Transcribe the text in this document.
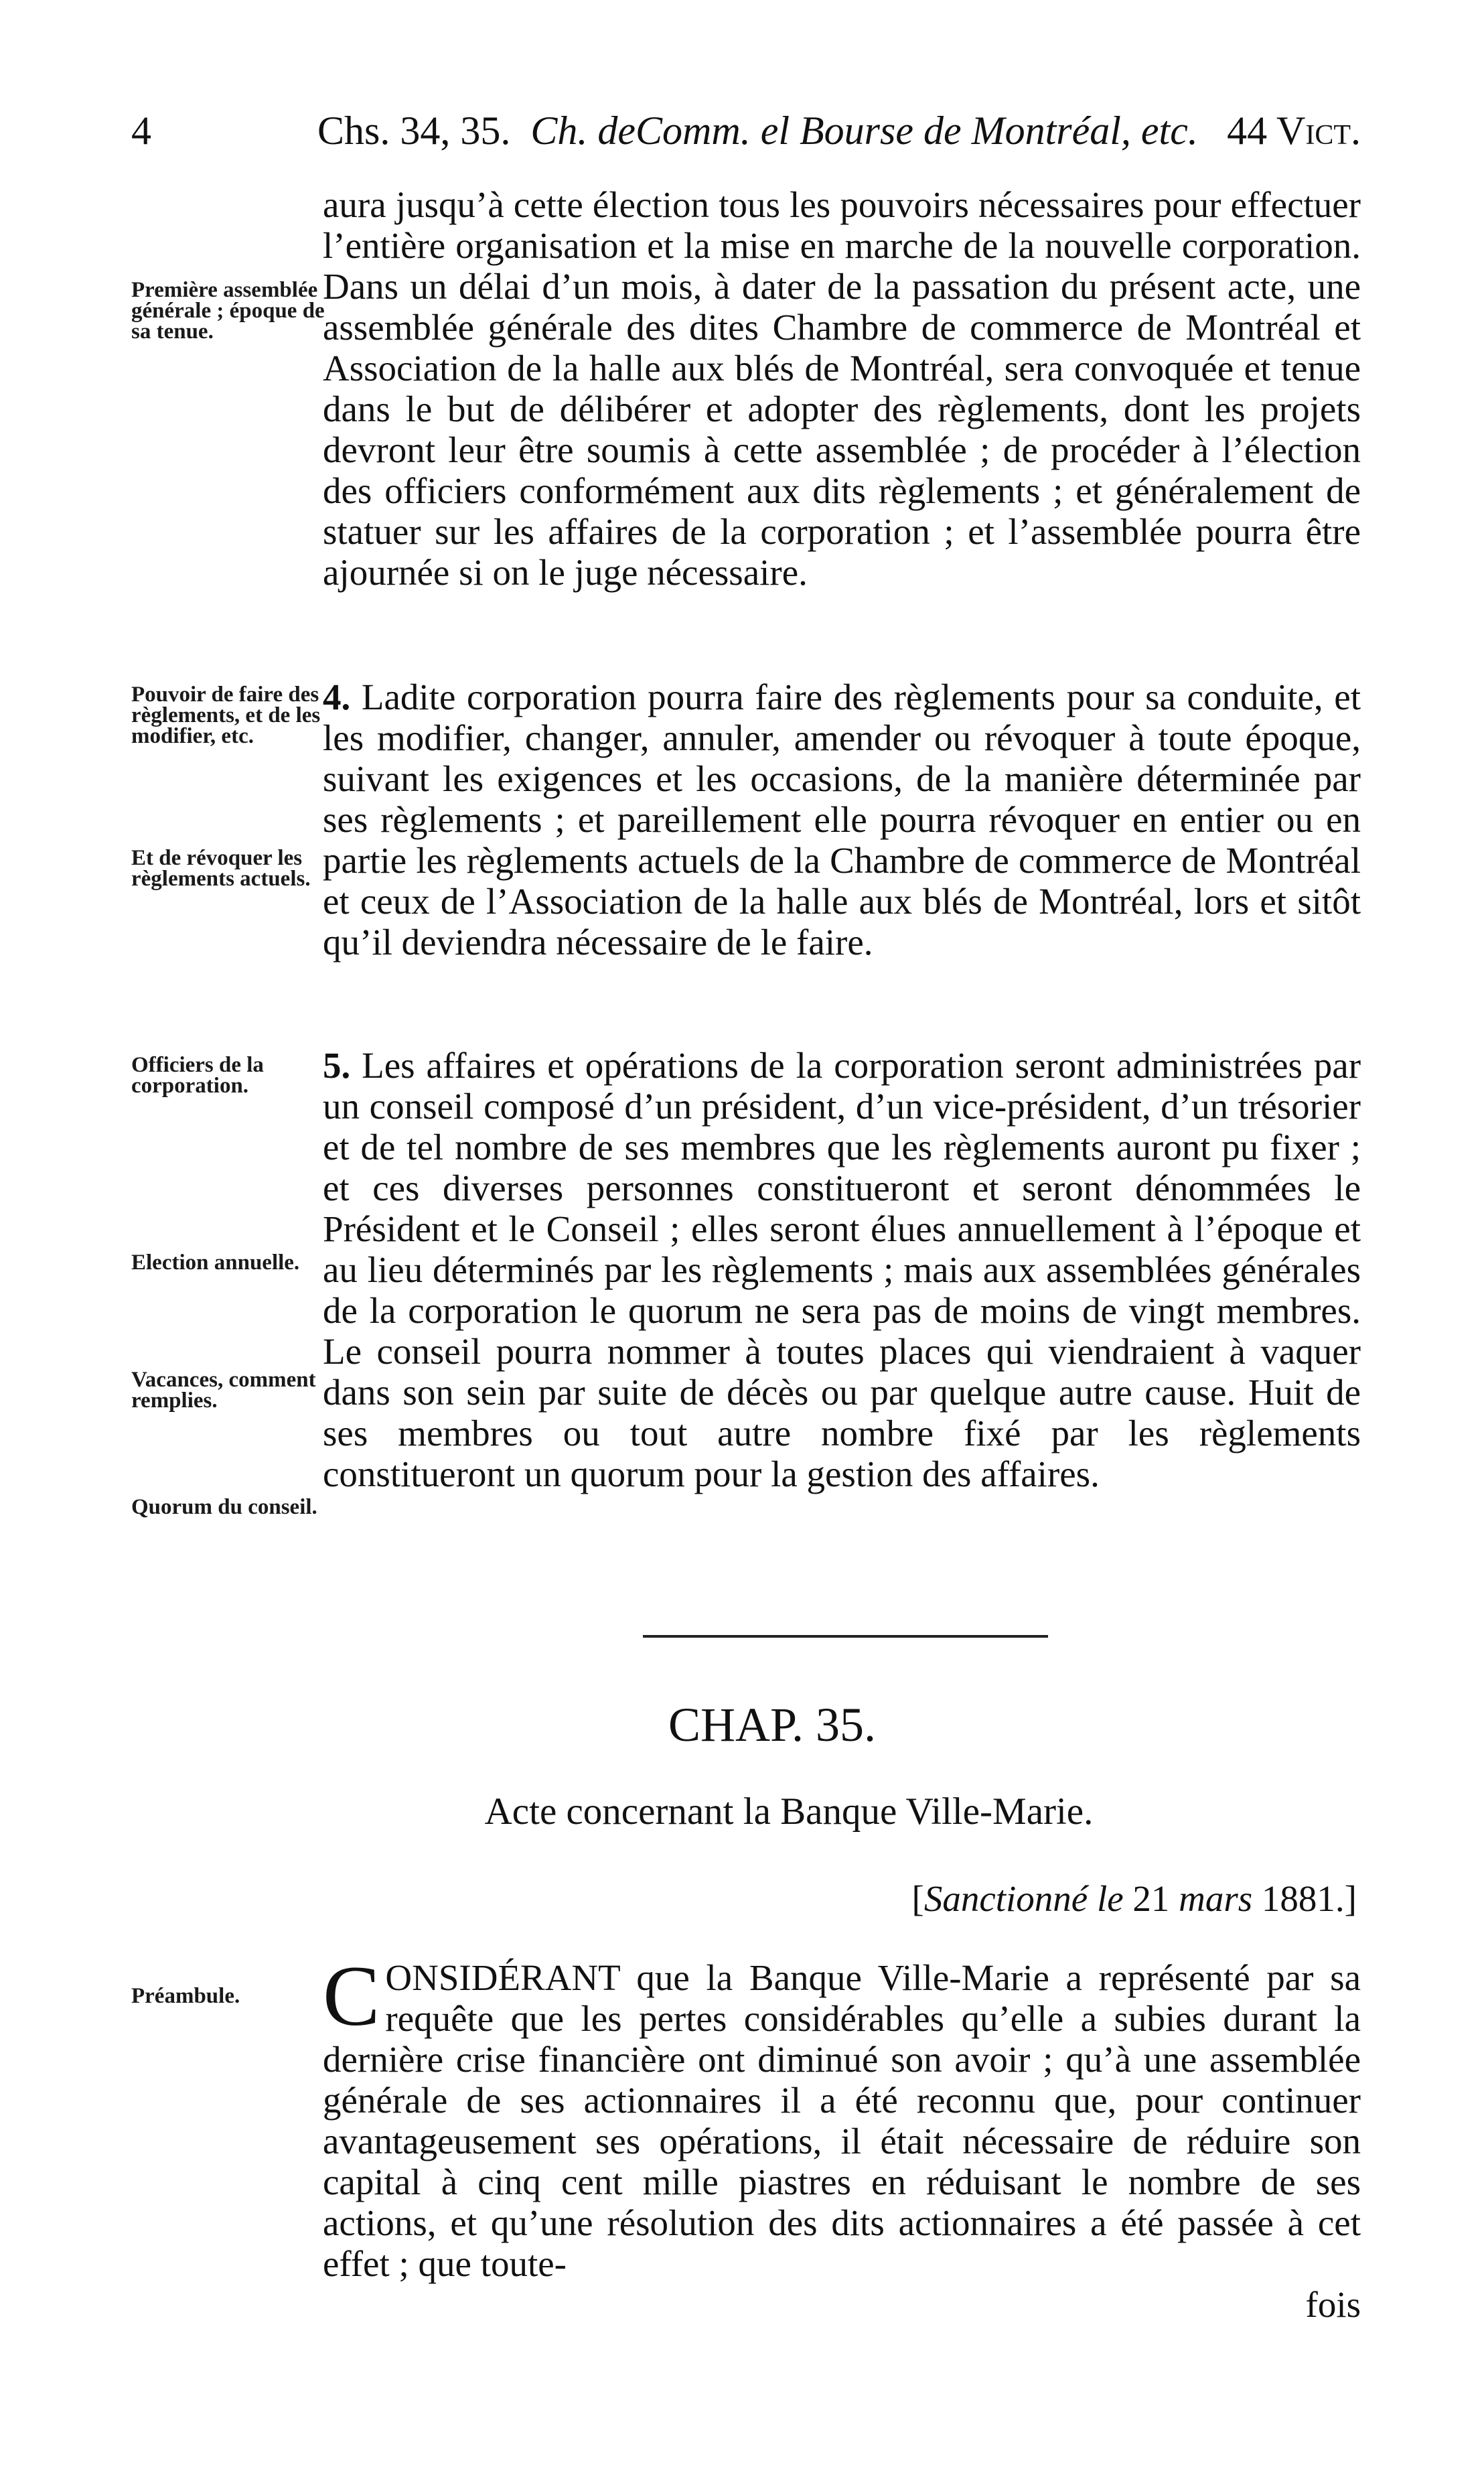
4	Chs. 34, 35. Ch. deComm. el Bourse de Montréal, etc. 44 Vict.

aura jusqu’à cette élection tous les pouvoirs nécessaires pour effectuer l’entière organisation et la mise en marche de la nouvelle corporation. Dans un délai d’un mois, à dater de la passation du présent acte, une assemblée générale des dites Chambre de commerce de Montréal et Association de la halle aux blés de Montréal, sera convoquée et tenue dans le but de délibérer et adopter des règlements, dont les projets devront leur être soumis à cette assemblée ; de procéder à l’élection des officiers conformément aux dits règlements ; et généralement de statuer sur les affaires de la corporation ; et l’assemblée pourra être ajournée si on le juge nécessaire.

Première assemblée générale ; époque de sa tenue.

4. Ladite corporation pourra faire des règlements pour sa conduite, et les modifier, changer, annuler, amender ou révoquer à toute époque, suivant les exigences et les occasions, de la manière déterminée par ses règlements ; et pareillement elle pourra révoquer en entier ou en partie les règlements actuels de la Chambre de commerce de Montréal et ceux de l’Association de la halle aux blés de Montréal, lors et sitôt qu’il deviendra nécessaire de le faire.

Pouvoir de faire des règlements, et de les modifier, etc.
Et de révoquer les règlements actuels.

5. Les affaires et opérations de la corporation seront administrées par un conseil composé d’un président, d’un vice-président, d’un trésorier et de tel nombre de ses membres que les règlements auront pu fixer ; et ces diverses personnes constitueront et seront dénommées le Président et le Conseil ; elles seront élues annuellement à l’époque et au lieu déterminés par les règlements ; mais aux assemblées générales de la corporation le quorum ne sera pas de moins de vingt membres. Le conseil pourra nommer à toutes places qui viendraient à vaquer dans son sein par suite de décès ou par quelque autre cause. Huit de ses membres ou tout autre nombre fixé par les règlements constitueront un quorum pour la gestion des affaires.

Officiers de la corporation.
Election annuelle.
Vacances, comment remplies.
Quorum du conseil.
CHAP. 35.
Acte concernant la Banque Ville-Marie.
[Sanctionné le 21 mars 1881.]
Préambule. CONSIDÉRANT que la Banque Ville-Marie a représenté par sa requête que les pertes considérables qu’elle a subies durant la dernière crise financière ont diminué son avoir ; qu’à une assemblée générale de ses actionnaires il a été reconnu que, pour continuer avantageusement ses opérations, il était nécessaire de réduire son capital à cinq cent mille piastres en réduisant le nombre de ses actions, et qu’une résolution des dits actionnaires a été passée à cet effet ; que toute-
fois
